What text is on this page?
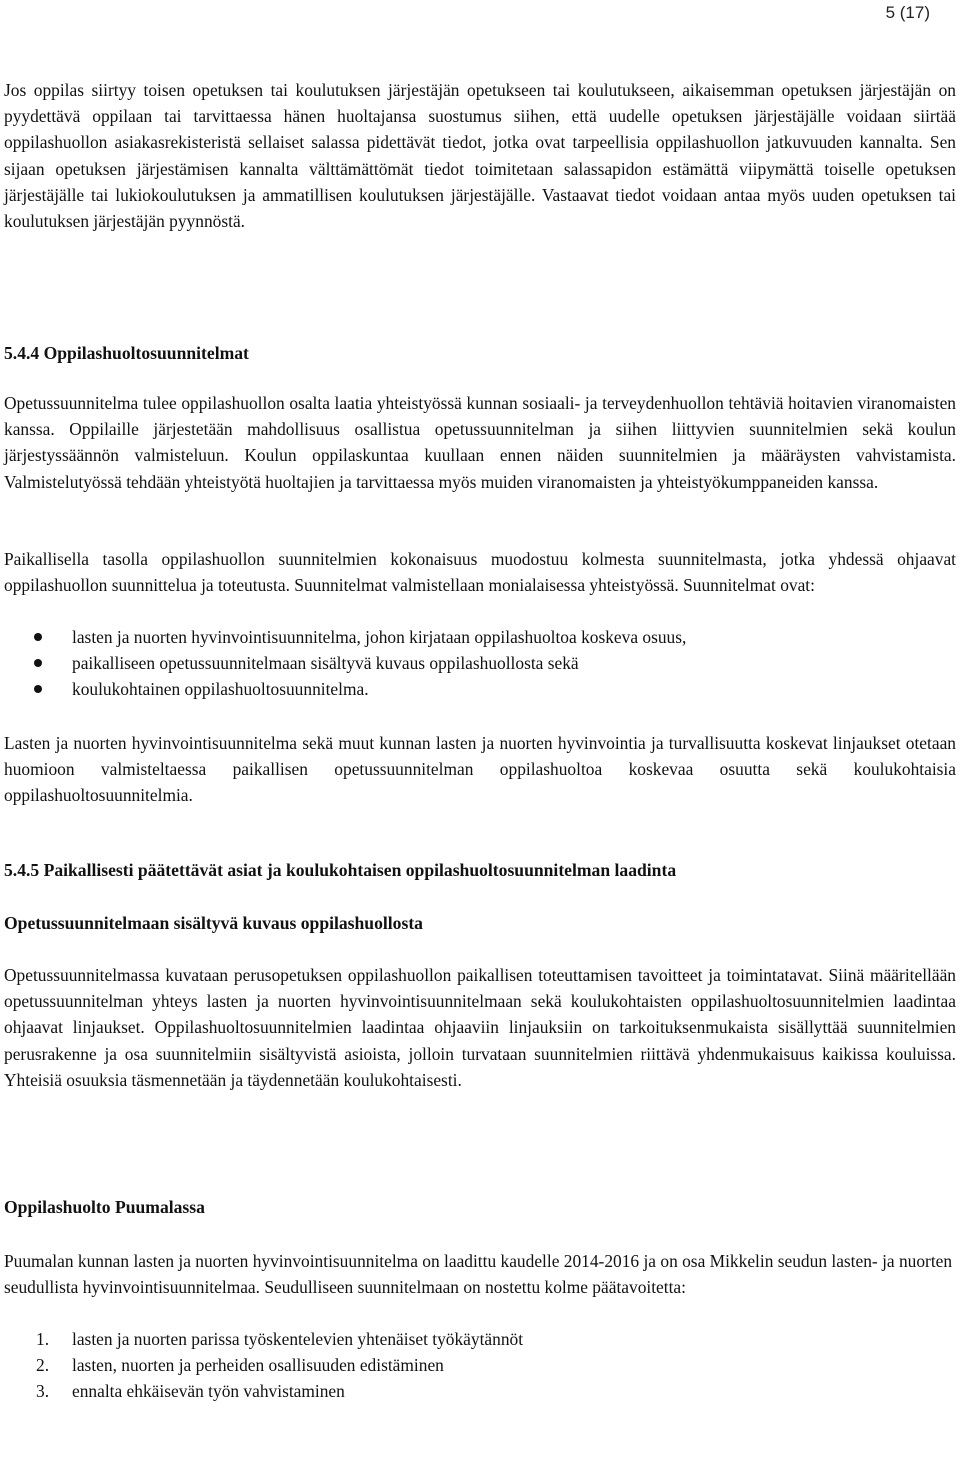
5 (17)

Jos oppilas siirtyy toisen opetuksen tai koulutuksen järjestäjän opetukseen tai koulutukseen, aikaisemman opetuksen järjestäjän on pyydettävä oppilaan tai tarvittaessa hänen huoltajansa suostumus siihen, että uudelle opetuksen järjestäjälle voidaan siirtää oppilashuollon asiakasrekisteristä sellaiset salassa pidettävät tiedot, jotka ovat tarpeellisia oppilashuollon jatkuvuuden kannalta. Sen sijaan opetuksen järjestämisen kannalta välttämättömät tiedot toimitetaan salassapidon estämättä viipymättä toiselle opetuksen järjestäjälle tai lukiokoulutuksen ja ammatillisen koulutuksen järjestäjälle. Vastaavat tiedot voidaan antaa myös uuden opetuksen tai koulutuksen järjestäjän pyynnöstä.

5.4.4 Oppilashuoltosuunnitelmat

Opetussuunnitelma tulee oppilashuollon osalta laatia yhteistyössä kunnan sosiaali- ja terveydenhuollon tehtäviä hoitavien viranomaisten kanssa. Oppilaille järjestetään mahdollisuus osallistua opetussuunnitelman ja siihen liittyvien suunnitelmien sekä koulun järjestyssäännön valmisteluun. Koulun oppilaskuntaa kuullaan ennen näiden suunnitelmien ja määräysten vahvistamista. Valmistelutyössä tehdään yhteistyötä huoltajien ja tarvittaessa myös muiden viranomaisten ja yhteistyökumppaneiden kanssa.

Paikallisella tasolla oppilashuollon suunnitelmien kokonaisuus muodostuu kolmesta suunnitelmasta, jotka yhdessä ohjaavat oppilashuollon suunnittelua ja toteutusta. Suunnitelmat valmistellaan monialaisessa yhteistyössä. Suunnitelmat ovat:

lasten ja nuorten hyvinvointisuunnitelma, johon kirjataan oppilashuoltoa koskeva osuus,
paikalliseen opetussuunnitelmaan sisältyvä kuvaus oppilashuollosta sekä
koulukohtainen oppilashuoltosuunnitelma.

Lasten ja nuorten hyvinvointisuunnitelma sekä muut kunnan lasten ja nuorten hyvinvointia ja turvallisuutta koskevat linjaukset otetaan huomioon valmisteltaessa paikallisen opetussuunnitelman oppilashuoltoa koskevaa osuutta sekä koulukohtaisia oppilashuoltosuunnitelmia.

5.4.5 Paikallisesti päätettävät asiat ja koulukohtaisen oppilashuoltosuunnitelman laadinta
Opetussuunnitelmaan sisältyvä kuvaus oppilashuollosta

Opetussuunnitelmassa kuvataan perusopetuksen oppilashuollon paikallisen toteuttamisen tavoitteet ja toimintatavat. Siinä määritellään opetussuunnitelman yhteys lasten ja nuorten hyvinvointisuunnitelmaan sekä koulukohtaisten oppilashuoltosuunnitelmien laadintaa ohjaavat linjaukset. Oppilashuoltosuunnitelmien laadintaa ohjaaviin linjauksiin on tarkoituksenmukaista sisällyttää suunnitelmien perusrakenne ja osa suunnitelmiin sisältyvistä asioista, jolloin turvataan suunnitelmien riittävä yhdenmukaisuus kaikissa kouluissa. Yhteisiä osuuksia täsmennetään ja täydennetään koulukohtaisesti.

Oppilashuolto Puumalassa

Puumalan kunnan lasten ja nuorten hyvinvointisuunnitelma on laadittu kaudelle 2014-2016 ja on osa Mikkelin seudun lasten- ja nuorten seudullista hyvinvointisuunnitelmaa. Seudulliseen suunnitelmaan on nostettu kolme päätavoitetta:

1. lasten ja nuorten parissa työskentelevien yhtenäiset työkäytännöt
2. lasten, nuorten ja perheiden osallisuuden edistäminen
3. ennalta ehkäisevän työn vahvistaminen
